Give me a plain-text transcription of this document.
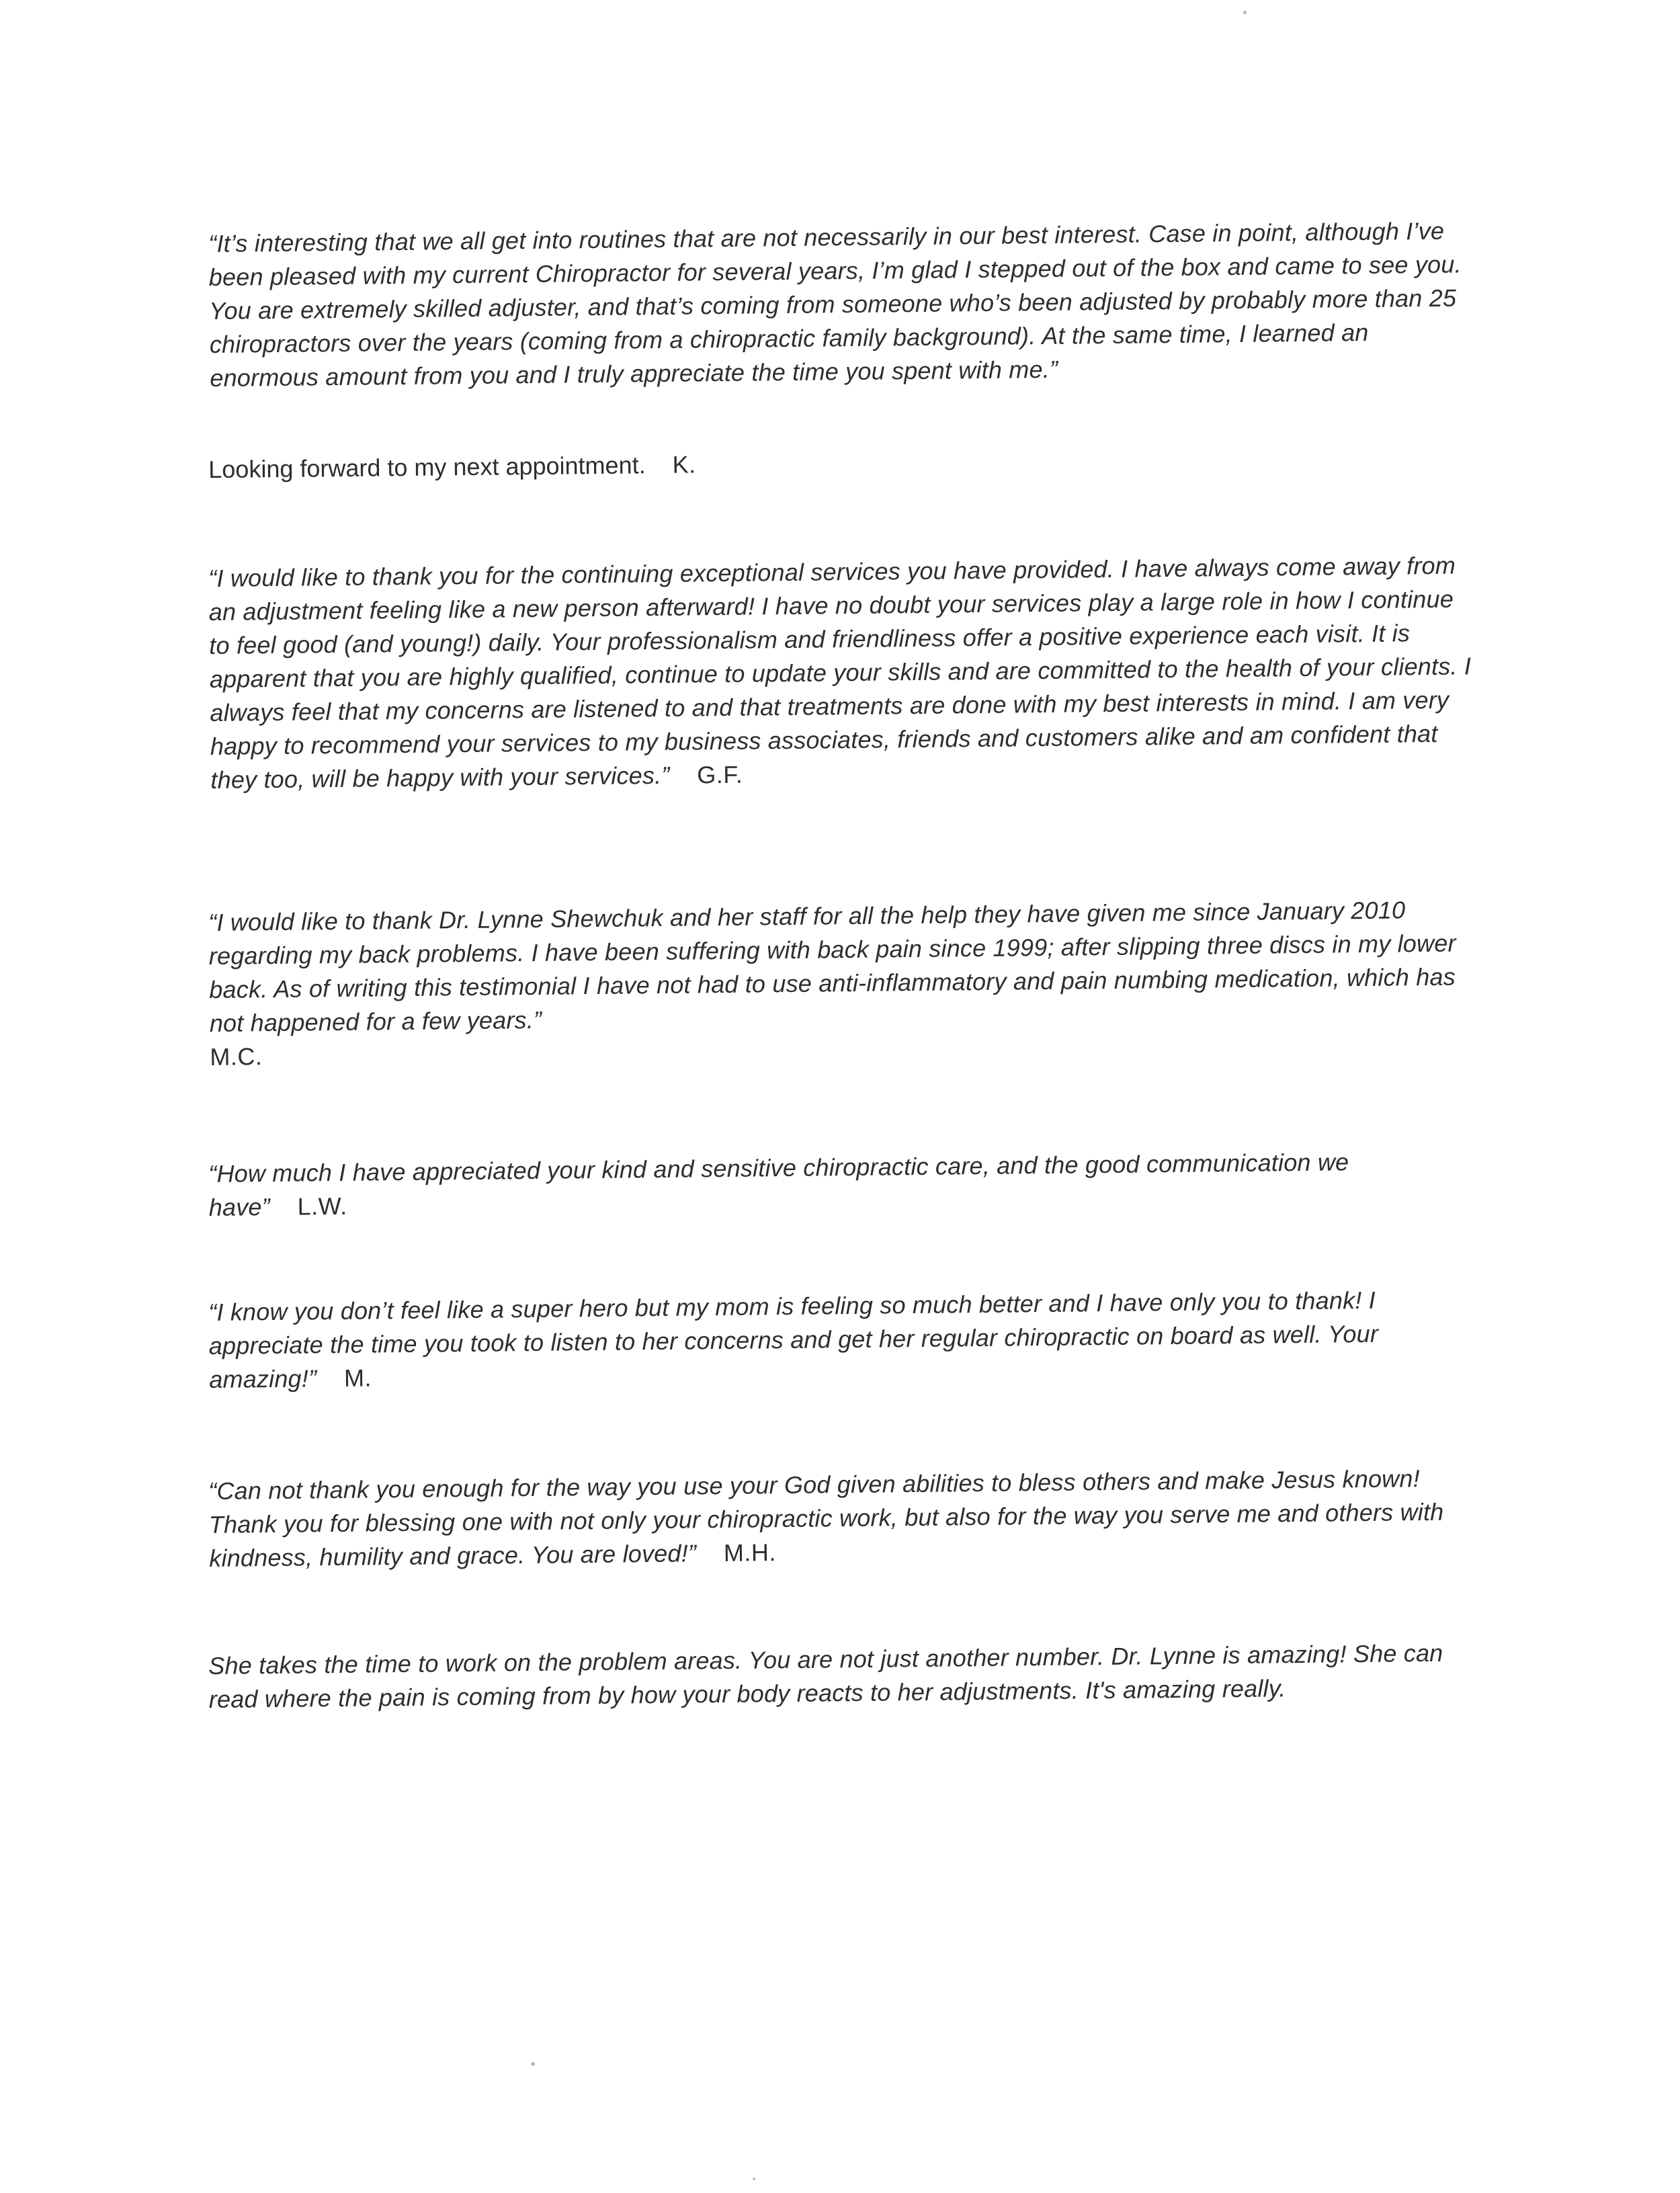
“It’s interesting that we all get into routines that are not necessarily in our best interest. Case in point, although I’ve been pleased with my current Chiropractor for several years, I’m glad I stepped out of the box and came to see you. You are extremely skilled adjuster, and that’s coming from someone who’s been adjusted by probably more than 25 chiropractors over the years (coming from a chiropractic family background). At the same time, I learned an enormous amount from you and I truly appreciate the time you spent with me.”

Looking forward to my next appointment. K.

“I would like to thank you for the continuing exceptional services you have provided. I have always come away from an adjustment feeling like a new person afterward! I have no doubt your services play a large role in how I continue to feel good (and young!) daily. Your professionalism and friendliness offer a positive experience each visit. It is apparent that you are highly qualified, continue to update your skills and are committed to the health of your clients. I always feel that my concerns are listened to and that treatments are done with my best interests in mind. I am very happy to recommend your services to my business associates, friends and customers alike and am confident that they too, will be happy with your services.” G.F.

“I would like to thank Dr. Lynne Shewchuk and her staff for all the help they have given me since January 2010 regarding my back problems. I have been suffering with back pain since 1999; after slipping three discs in my lower back. As of writing this testimonial I have not had to use anti-inflammatory and pain numbing medication, which has not happened for a few years.”

M.C.

“How much I have appreciated your kind and sensitive chiropractic care, and the good communication we have” L.W.

“I know you don’t feel like a super hero but my mom is feeling so much better and I have only you to thank! I appreciate the time you took to listen to her concerns and get her regular chiropractic on board as well. Your amazing!” M.

“Can not thank you enough for the way you use your God given abilities to bless others and make Jesus known! Thank you for blessing one with not only your chiropractic work, but also for the way you serve me and others with kindness, humility and grace. You are loved!” M.H.

She takes the time to work on the problem areas. You are not just another number. Dr. Lynne is amazing! She can read where the pain is coming from by how your body reacts to her adjustments. It's amazing really.
